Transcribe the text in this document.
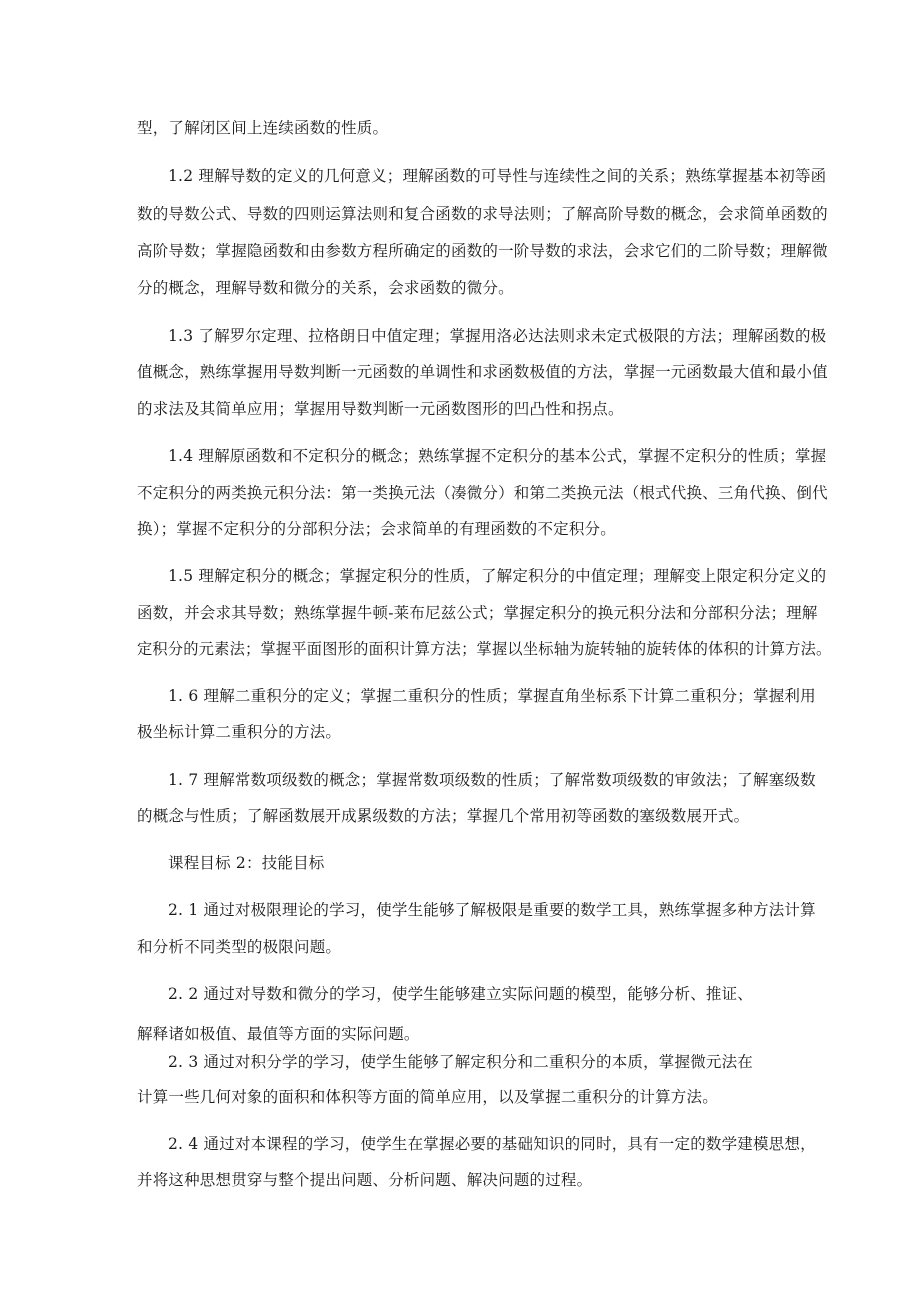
型，了解闭区间上连续函数的性质。
1.2 理解导数的定义的几何意义；理解函数的可导性与连续性之间的关系；熟练掌握基本初等函
数的导数公式、导数的四则运算法则和复合函数的求导法则；了解高阶导数的概念，会求简单函数的
高阶导数；掌握隐函数和由参数方程所确定的函数的一阶导数的求法，会求它们的二阶导数；理解微
分的概念，理解导数和微分的关系，会求函数的微分。
1.3 了解罗尔定理、拉格朗日中值定理；掌握用洛必达法则求未定式极限的方法；理解函数的极
值概念，熟练掌握用导数判断一元函数的单调性和求函数极值的方法，掌握一元函数最大值和最小值
的求法及其简单应用；掌握用导数判断一元函数图形的凹凸性和拐点。
1.4 理解原函数和不定积分的概念；熟练掌握不定积分的基本公式，掌握不定积分的性质；掌握
不定积分的两类换元积分法：第一类换元法（凑微分）和第二类换元法（根式代换、三角代换、倒代
换）；掌握不定积分的分部积分法；会求简单的有理函数的不定积分。
1.5 理解定积分的概念；掌握定积分的性质，了解定积分的中值定理；理解变上限定积分定义的
函数，并会求其导数；熟练掌握牛顿-莱布尼兹公式；掌握定积分的换元积分法和分部积分法；理解
定积分的元素法；掌握平面图形的面积计算方法；掌握以坐标轴为旋转轴的旋转体的体积的计算方法。
1. 6 理解二重积分的定义；掌握二重积分的性质；掌握直角坐标系下计算二重积分；掌握利用
极坐标计算二重积分的方法。
1. 7 理解常数项级数的概念；掌握常数项级数的性质；了解常数项级数的审敛法；了解塞级数
的概念与性质；了解函数展开成累级数的方法；掌握几个常用初等函数的塞级数展开式。
课程目标 2：技能目标
2. 1 通过对极限理论的学习，使学生能够了解极限是重要的数学工具，熟练掌握多种方法计算
和分析不同类型的极限问题。
2. 2 通过对导数和微分的学习，使学生能够建立实际问题的模型，能够分析、推证、
解释诸如极值、最值等方面的实际问题。
2. 3 通过对积分学的学习，使学生能够了解定积分和二重积分的本质，掌握微元法在
计算一些几何对象的面积和体积等方面的简单应用，以及掌握二重积分的计算方法。
2. 4 通过对本课程的学习，使学生在掌握必要的基础知识的同时，具有一定的数学建模思想，
并将这种思想贯穿与整个提出问题、分析问题、解决问题的过程。
